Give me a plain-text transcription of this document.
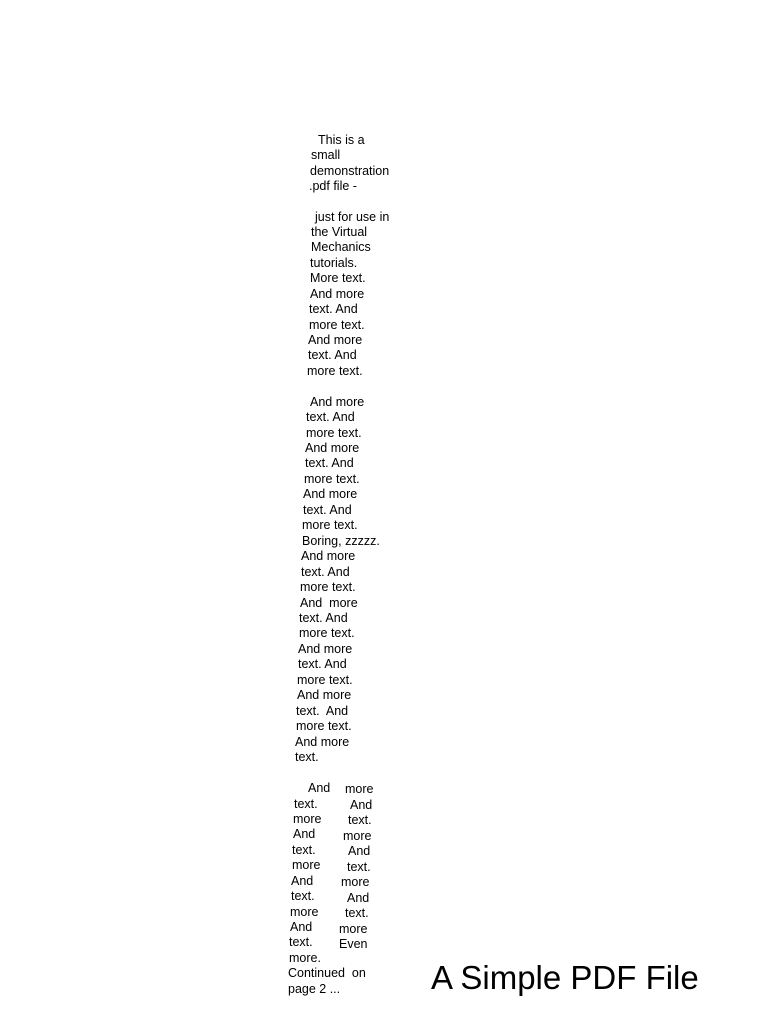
This is a
small
demonstration
.pdf file -
just for use in
the Virtual
Mechanics
tutorials.
More text.
And more
text. And
more text.
And more
text. And
more text.
And more
text. And
more text.
And more
text. And
more text.
And more
text. And
more text.
Boring, zzzzz.
And more
text. And
more text.
And  more
text. And
more text.
And more
text. And
more text.
And more
text.  And
more text.
And more
text.
And more
text.	And
more text.
And more
text.	And
more text.
And more
text.	And
more text.
And more
text. Even
more.
Continued  on
page 2 ...	A Simple PDF File
